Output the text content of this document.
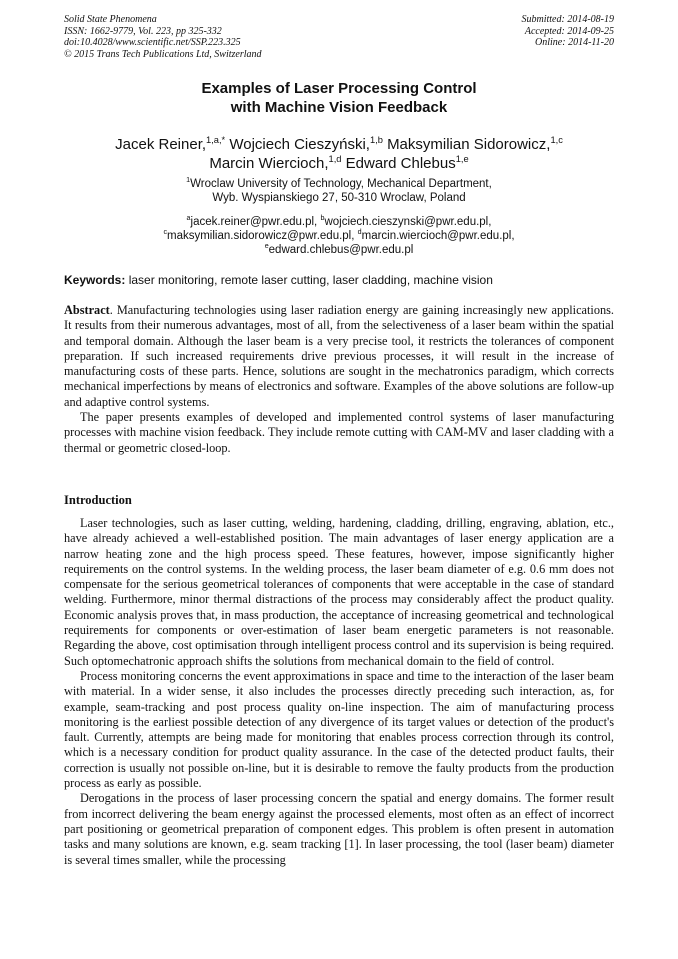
Solid State Phenomena
ISSN: 1662-9779, Vol. 223, pp 325-332
doi:10.4028/www.scientific.net/SSP.223.325
© 2015 Trans Tech Publications Ltd, Switzerland
Submitted: 2014-08-19
Accepted: 2014-09-25
Online: 2014-11-20
Examples of Laser Processing Control
with Machine Vision Feedback
Jacek Reiner,$^{1,a,*}$ Wojciech Cieszyński,$^{1,b}$ Maksymilian Sidorowicz,$^{1,c}$
Marcin Wiercioch,$^{1,d}$ Edward Chlebus$^{1,e}$
$^1$Wroclaw University of Technology, Mechanical Department,
Wyb. Wyspianskiego 27, 50-310 Wroclaw, Poland
$^a$jacek.reiner@pwr.edu.pl, $^b$wojciech.cieszynski@pwr.edu.pl,
$^c$maksymilian.sidorowicz@pwr.edu.pl, $^d$marcin.wiercioch@pwr.edu.pl,
$^e$edward.chlebus@pwr.edu.pl
Keywords: laser monitoring, remote laser cutting, laser cladding, machine vision

Abstract. Manufacturing technologies using laser radiation energy are gaining increasingly new applications. It results from their numerous advantages, most of all, from the selectiveness of a laser beam within the spatial and temporal domain. Although the laser beam is a very precise tool, it restricts the tolerances of component preparation. If such increased requirements drive previous processes, it will result in the increase of manufacturing costs of these parts. Hence, solutions are sought in the mechatronics paradigm, which corrects mechanical imperfections by means of electronics and software. Examples of the above solutions are follow-up and adaptive control systems.

The paper presents examples of developed and implemented control systems of laser manufacturing processes with machine vision feedback. They include remote cutting with CAM-MV and laser cladding with a thermal or geometric closed-loop.

Introduction

Laser technologies, such as laser cutting, welding, hardening, cladding, drilling, engraving, ablation, etc., have already achieved a well-established position. The main advantages of laser energy application are a narrow heating zone and the high process speed. These features, however, impose significantly higher requirements on the control systems. In the welding process, the laser beam diameter of e.g. 0.6 mm does not compensate for the serious geometrical tolerances of components that were acceptable in the case of standard welding. Furthermore, minor thermal distractions of the process may considerably affect the product quality. Economic analysis proves that, in mass production, the acceptance of increasing geometrical and technological requirements for components or over-estimation of laser beam energetic parameters is not reasonable. Regarding the above, cost optimisation through intelligent process control and its supervision is being required. Such optomechatronic approach shifts the solutions from mechanical domain to the field of control.

Process monitoring concerns the event approximations in space and time to the interaction of the laser beam with material. In a wider sense, it also includes the processes directly preceding such interaction, as, for example, seam-tracking and post process quality on-line inspection. The aim of manufacturing process monitoring is the earliest possible detection of any divergence of its target values or detection of the product's fault. Currently, attempts are being made for monitoring that enables process correction through its control, which is a necessary condition for product quality assurance. In the case of the detected product faults, their correction is usually not possible on-line, but it is desirable to remove the faulty products from the production process as early as possible.

Derogations in the process of laser processing concern the spatial and energy domains. The former result from incorrect delivering the beam energy against the processed elements, most often as an effect of incorrect part positioning or geometrical preparation of component edges. This problem is often present in automation tasks and many solutions are known, e.g. seam tracking [1]. In laser processing, the tool (laser beam) diameter is several times smaller, while the processing
